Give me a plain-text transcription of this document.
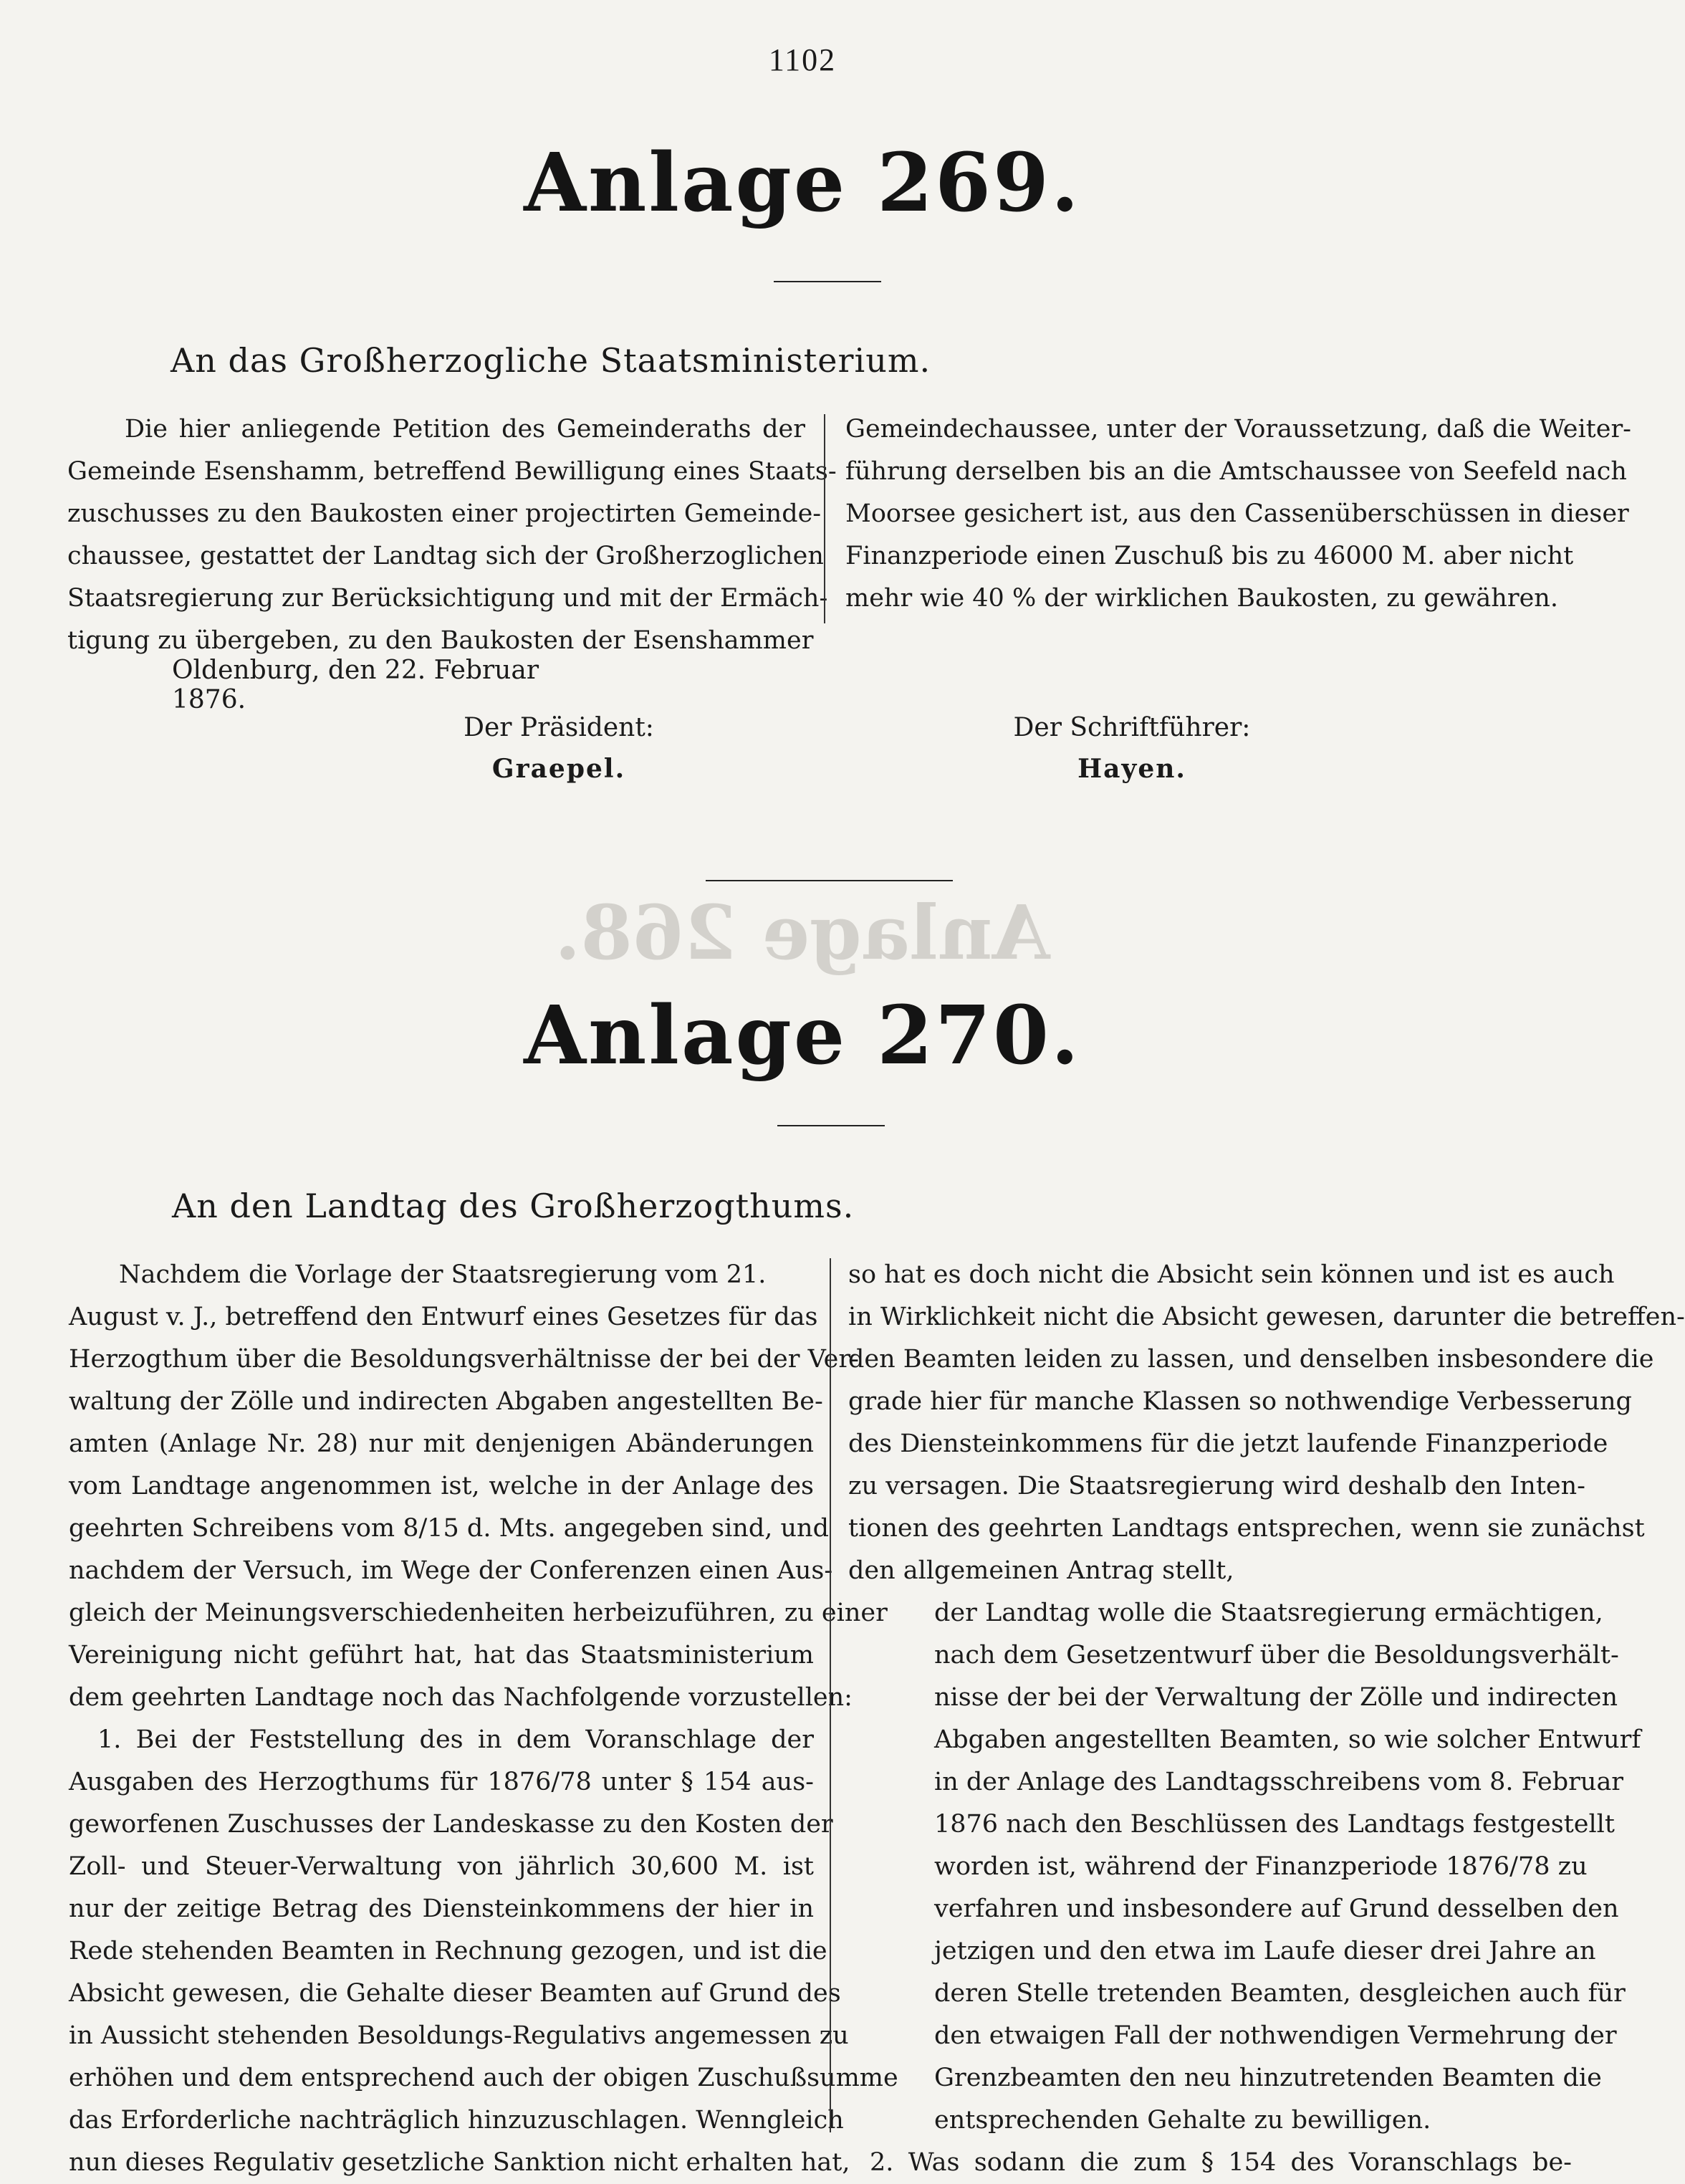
1102
Anlage 269.
An das Großherzogliche Staatsministerium.
Die hier anliegende Petition des Gemeinderaths der
Gemeinde Esenshamm, betreffend Bewilligung eines Staats-
zuschusses zu den Baukosten einer projectirten Gemeinde-
chaussee, gestattet der Landtag sich der Großherzoglichen
Staatsregierung zur Berücksichtigung und mit der Ermäch-
tigung zu übergeben, zu den Baukosten der Esenshammer
Gemeindechaussee, unter der Voraussetzung, daß die Weiter-
führung derselben bis an die Amtschaussee von Seefeld nach
Moorsee gesichert ist, aus den Cassenüberschüssen in dieser
Finanzperiode einen Zuschuß bis zu 46000 M. aber nicht
mehr wie 40 % der wirklichen Baukosten, zu gewähren.
Oldenburg, den 22. Februar 1876.
Der Präsident:
Graepel.
Der Schriftführer:
Hayen.
Anlage 268.
Anlage 270.
An den Landtag des Großherzogthums.
Nachdem die Vorlage der Staatsregierung vom 21.
August v. J., betreffend den Entwurf eines Gesetzes für das
Herzogthum über die Besoldungsverhältnisse der bei der Ver-
waltung der Zölle und indirecten Abgaben angestellten Be-
amten (Anlage Nr. 28) nur mit denjenigen Abänderungen
vom Landtage angenommen ist, welche in der Anlage des
geehrten Schreibens vom 8/15 d. Mts. angegeben sind, und
nachdem der Versuch, im Wege der Conferenzen einen Aus-
gleich der Meinungsverschiedenheiten herbeizuführen, zu einer
Vereinigung nicht geführt hat, hat das Staatsministerium
dem geehrten Landtage noch das Nachfolgende vorzustellen:
1. Bei der Feststellung des in dem Voranschlage der
Ausgaben des Herzogthums für 1876/78 unter § 154 aus-
geworfenen Zuschusses der Landeskasse zu den Kosten der
Zoll- und Steuer-Verwaltung von jährlich 30,600 M. ist
nur der zeitige Betrag des Diensteinkommens der hier in
Rede stehenden Beamten in Rechnung gezogen, und ist die
Absicht gewesen, die Gehalte dieser Beamten auf Grund des
in Aussicht stehenden Besoldungs-Regulativs angemessen zu
erhöhen und dem entsprechend auch der obigen Zuschußsumme
das Erforderliche nachträglich hinzuzuschlagen. Wenngleich
nun dieses Regulativ gesetzliche Sanktion nicht erhalten hat,
so hat es doch nicht die Absicht sein können und ist es auch
in Wirklichkeit nicht die Absicht gewesen, darunter die betreffen-
den Beamten leiden zu lassen, und denselben insbesondere die
grade hier für manche Klassen so nothwendige Verbesserung
des Diensteinkommens für die jetzt laufende Finanzperiode
zu versagen. Die Staatsregierung wird deshalb den Inten-
tionen des geehrten Landtags entsprechen, wenn sie zunächst
den allgemeinen Antrag stellt,
der Landtag wolle die Staatsregierung ermächtigen,
nach dem Gesetzentwurf über die Besoldungsverhält-
nisse der bei der Verwaltung der Zölle und indirecten
Abgaben angestellten Beamten, so wie solcher Entwurf
in der Anlage des Landtagsschreibens vom 8. Februar
1876 nach den Beschlüssen des Landtags festgestellt
worden ist, während der Finanzperiode 1876/78 zu
verfahren und insbesondere auf Grund desselben den
jetzigen und den etwa im Laufe dieser drei Jahre an
deren Stelle tretenden Beamten, desgleichen auch für
den etwaigen Fall der nothwendigen Vermehrung der
Grenzbeamten den neu hinzutretenden Beamten die
entsprechenden Gehalte zu bewilligen.
2. Was sodann die zum § 154 des Voranschlags be-
